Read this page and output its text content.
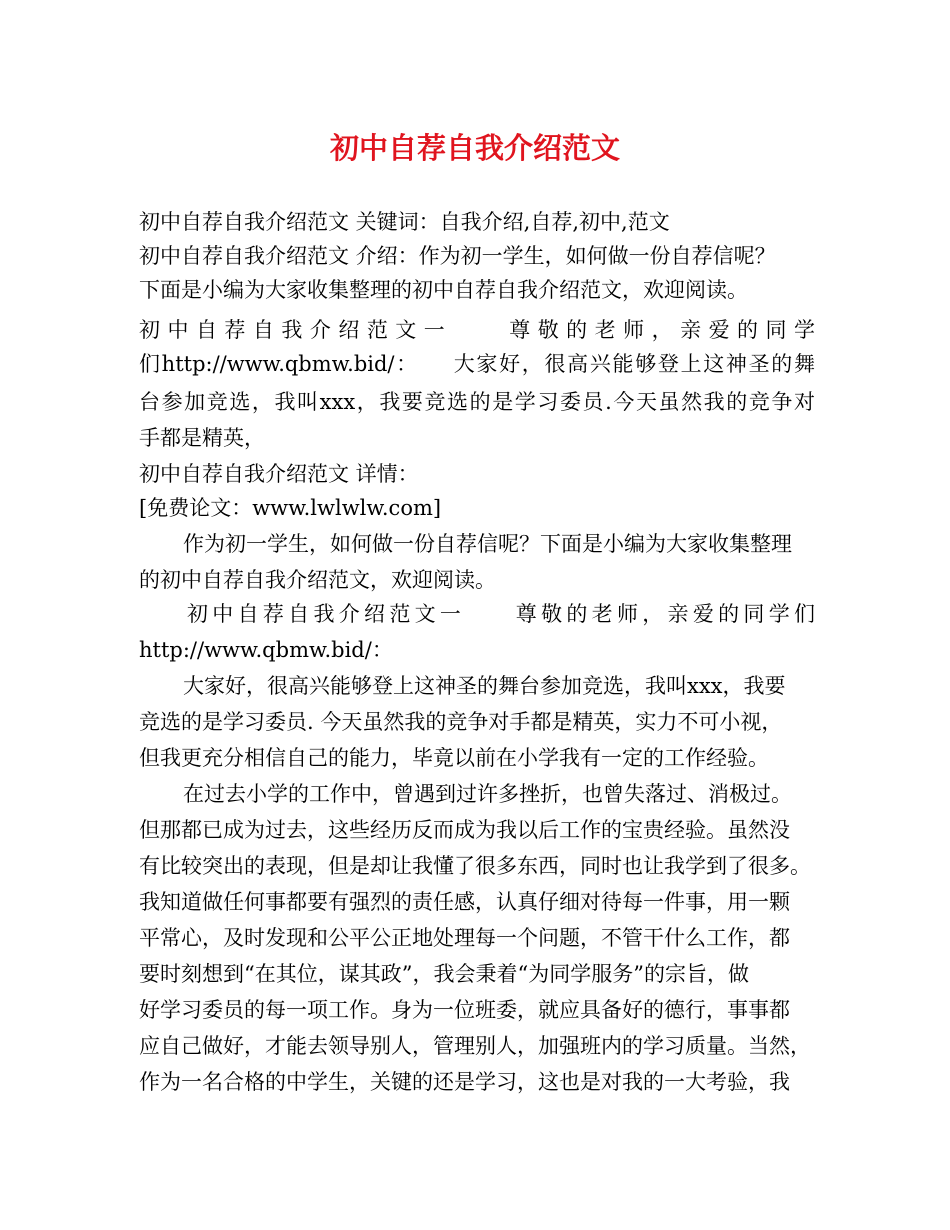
初中自荐自我介绍范文
初中自荐自我介绍范文 关键词：自我介绍,自荐,初中,范文
初中自荐自我介绍范文 介绍：作为初一学生，如何做一份自荐信呢？
下面是小编为大家收集整理的初中自荐自我介绍范文，欢迎阅读。
初中自荐自我介绍范文一　　尊敬的老师，亲爱的同学
们http://www.qbmw.bid/：　　大家好，很高兴能够登上这神圣的舞
台参加竞选，我叫xxx，我要竞选的是学习委员.今天虽然我的竞争对
手都是精英，
初中自荐自我介绍范文 详情：
[免费论文：www.lwlwlw.com]
作为初一学生，如何做一份自荐信呢？下面是小编为大家收集整理
的初中自荐自我介绍范文，欢迎阅读。
初中自荐自我介绍范文一　　尊敬的老师，亲爱的同学们
http://www.qbmw.bid/：
大家好，很高兴能够登上这神圣的舞台参加竞选，我叫xxx，我要
竞选的是学习委员. 今天虽然我的竞争对手都是精英，实力不可小视，
但我更充分相信自己的能力，毕竟以前在小学我有一定的工作经验。
在过去小学的工作中，曾遇到过许多挫折，也曾失落过、消极过。
但那都已成为过去，这些经历反而成为我以后工作的宝贵经验。虽然没
有比较突出的表现，但是却让我懂了很多东西，同时也让我学到了很多。
我知道做任何事都要有强烈的责任感，认真仔细对待每一件事，用一颗
平常心，及时发现和公平公正地处理每一个问题，不管干什么工作，都
要时刻想到“在其位，谋其政”，我会秉着“为同学服务”的宗旨，做
好学习委员的每一项工作。身为一位班委，就应具备好的德行，事事都
应自己做好，才能去领导别人，管理别人，加强班内的学习质量。当然，
作为一名合格的中学生，关键的还是学习，这也是对我的一大考验，我
